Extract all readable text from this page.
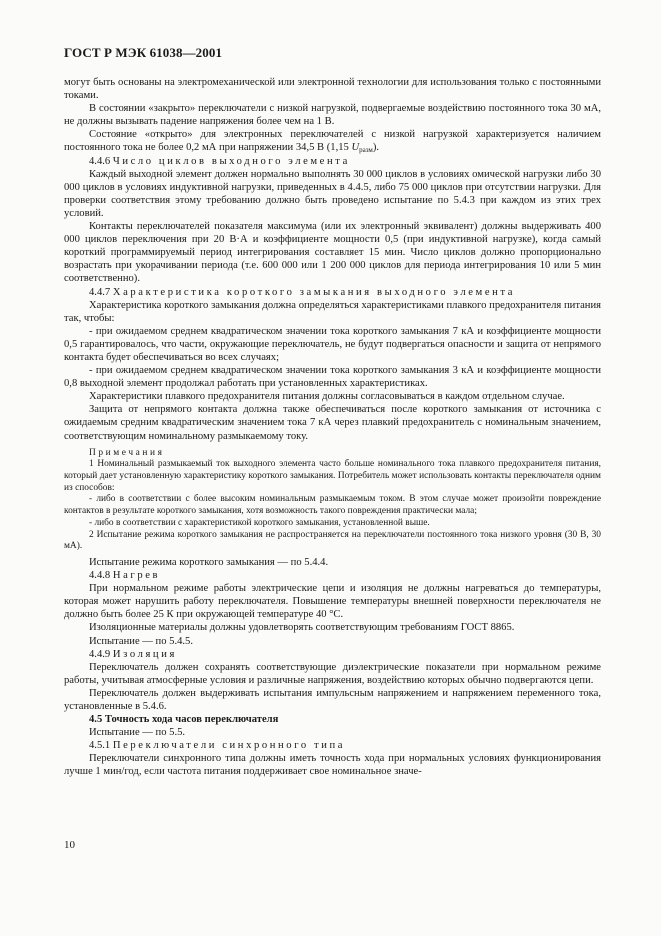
ГОСТ Р МЭК 61038—2001

могут быть основаны на электромеханической или электронной технологии для использования только с постоянными токами.

В состоянии «закрыто» переключатели с низкой нагрузкой, подвергаемые воздействию постоянного тока 30 мА, не должны вызывать падение напряжения более чем на 1 В.

Состояние «открыто» для электронных переключателей с низкой нагрузкой характеризуется наличием постоянного тока не более 0,2 мА при напряжении 34,5 В (1,15 $U_{разм}$).

4.4.6 Число циклов выходного элемента

Каждый выходной элемент должен нормально выполнять 30 000 циклов в условиях омической нагрузки либо 30 000 циклов в условиях индуктивной нагрузки, приведенных в 4.4.5, либо 75 000 циклов при отсутствии нагрузки. Для проверки соответствия этому требованию должно быть проведено испытание по 5.4.3 при каждом из этих трех условий.

Контакты переключателей показателя максимума (или их электронный эквивалент) должны выдерживать 400 000 циклов переключения при 20 В·А и коэффициенте мощности 0,5 (при индуктивной нагрузке), когда самый короткий программируемый период интегрирования составляет 15 мин. Число циклов должно пропорционально возрастать при укорачивании периода (т.е. 600 000 или 1 200 000 циклов для периода интегрирования 10 или 5 мин соответственно).

4.4.7 Характеристика короткого замыкания выходного элемента

Характеристика короткого замыкания должна определяться характеристиками плавкого предохранителя питания так, чтобы:

- при ожидаемом среднем квадратическом значении тока короткого замыкания 7 кА и коэффициенте мощности 0,5 гарантировалось, что части, окружающие переключатель, не будут подвергаться опасности и защита от непрямого контакта будет обеспечиваться во всех случаях;

- при ожидаемом среднем квадратическом значении тока короткого замыкания 3 кА и коэффициенте мощности 0,8 выходной элемент продолжал работать при установленных характеристиках.

Характеристики плавкого предохранителя питания должны согласовываться в каждом отдельном случае.

Защита от непрямого контакта должна также обеспечиваться после короткого замыкания от источника с ожидаемым средним квадратическим значением тока 7 кА через плавкий предохранитель с номинальным значением, соответствующим номинальному размыкаемому току.

Примечания

1 Номинальный размыкаемый ток выходного элемента часто больше номинального тока плавкого предохранителя питания, который дает установленную характеристику короткого замыкания. Потребитель может использовать контакты переключателя одним из способов:

- либо в соответствии с более высоким номинальным размыкаемым током. В этом случае может произойти повреждение контактов в результате короткого замыкания, хотя возможность такого повреждения практически мала;

- либо в соответствии с характеристикой короткого замыкания, установленной выше.

2 Испытание режима короткого замыкания не распространяется на переключатели постоянного тока низкого уровня (30 В, 30 мА).

Испытание режима короткого замыкания — по 5.4.4.

4.4.8 Нагрев

При нормальном режиме работы электрические цепи и изоляция не должны нагреваться до температуры, которая может нарушить работу переключателя. Повышение температуры внешней поверхности переключателя не должно быть более 25 К при окружающей температуре 40 °С.

Изоляционные материалы должны удовлетворять соответствующим требованиям ГОСТ 8865.

Испытание — по 5.4.5.

4.4.9 Изоляция

Переключатель должен сохранять соответствующие диэлектрические показатели при нормальном режиме работы, учитывая атмосферные условия и различные напряжения, воздействию которых обычно подвергаются цепи.

Переключатель должен выдерживать испытания импульсным напряжением и напряжением переменного тока, установленные в 5.4.6.

4.5 Точность хода часов переключателя

Испытание — по 5.5.

4.5.1 Переключатели синхронного типа

Переключатели синхронного типа должны иметь точность хода при нормальных условиях функционирования лучше 1 мин/год, если частота питания поддерживает свое номинальное значе-

10
